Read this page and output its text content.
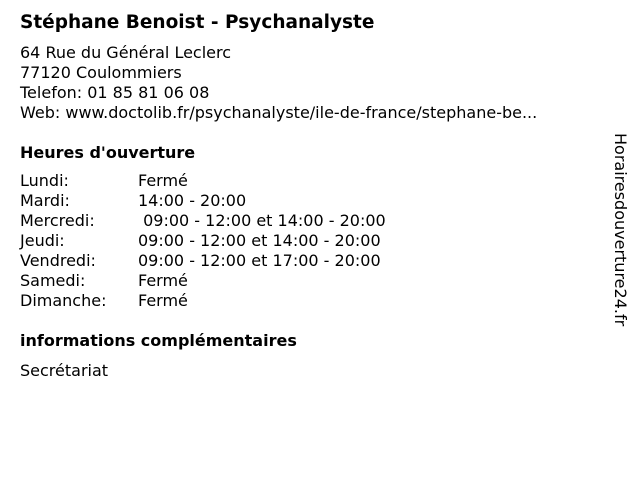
Stéphane Benoist - Psychanalyste
64 Rue du Général Leclerc
77120 Coulommiers
Telefon: 01 85 81 06 08
Web: www.doctolib.fr/psychanalyste/ile-de-france/stephane-be...
Heures d'ouverture
Lundi:	Fermé
Mardi:	14:00 - 20:00
Mercredi:	09:00 - 12:00 et 14:00 - 20:00
Jeudi:	09:00 - 12:00 et 14:00 - 20:00
Vendredi:	09:00 - 12:00 et 17:00 - 20:00
Samedi:	Fermé
Dimanche:	Fermé
informations complémentaires
Secrétariat
Horairesdouverture24.fr
